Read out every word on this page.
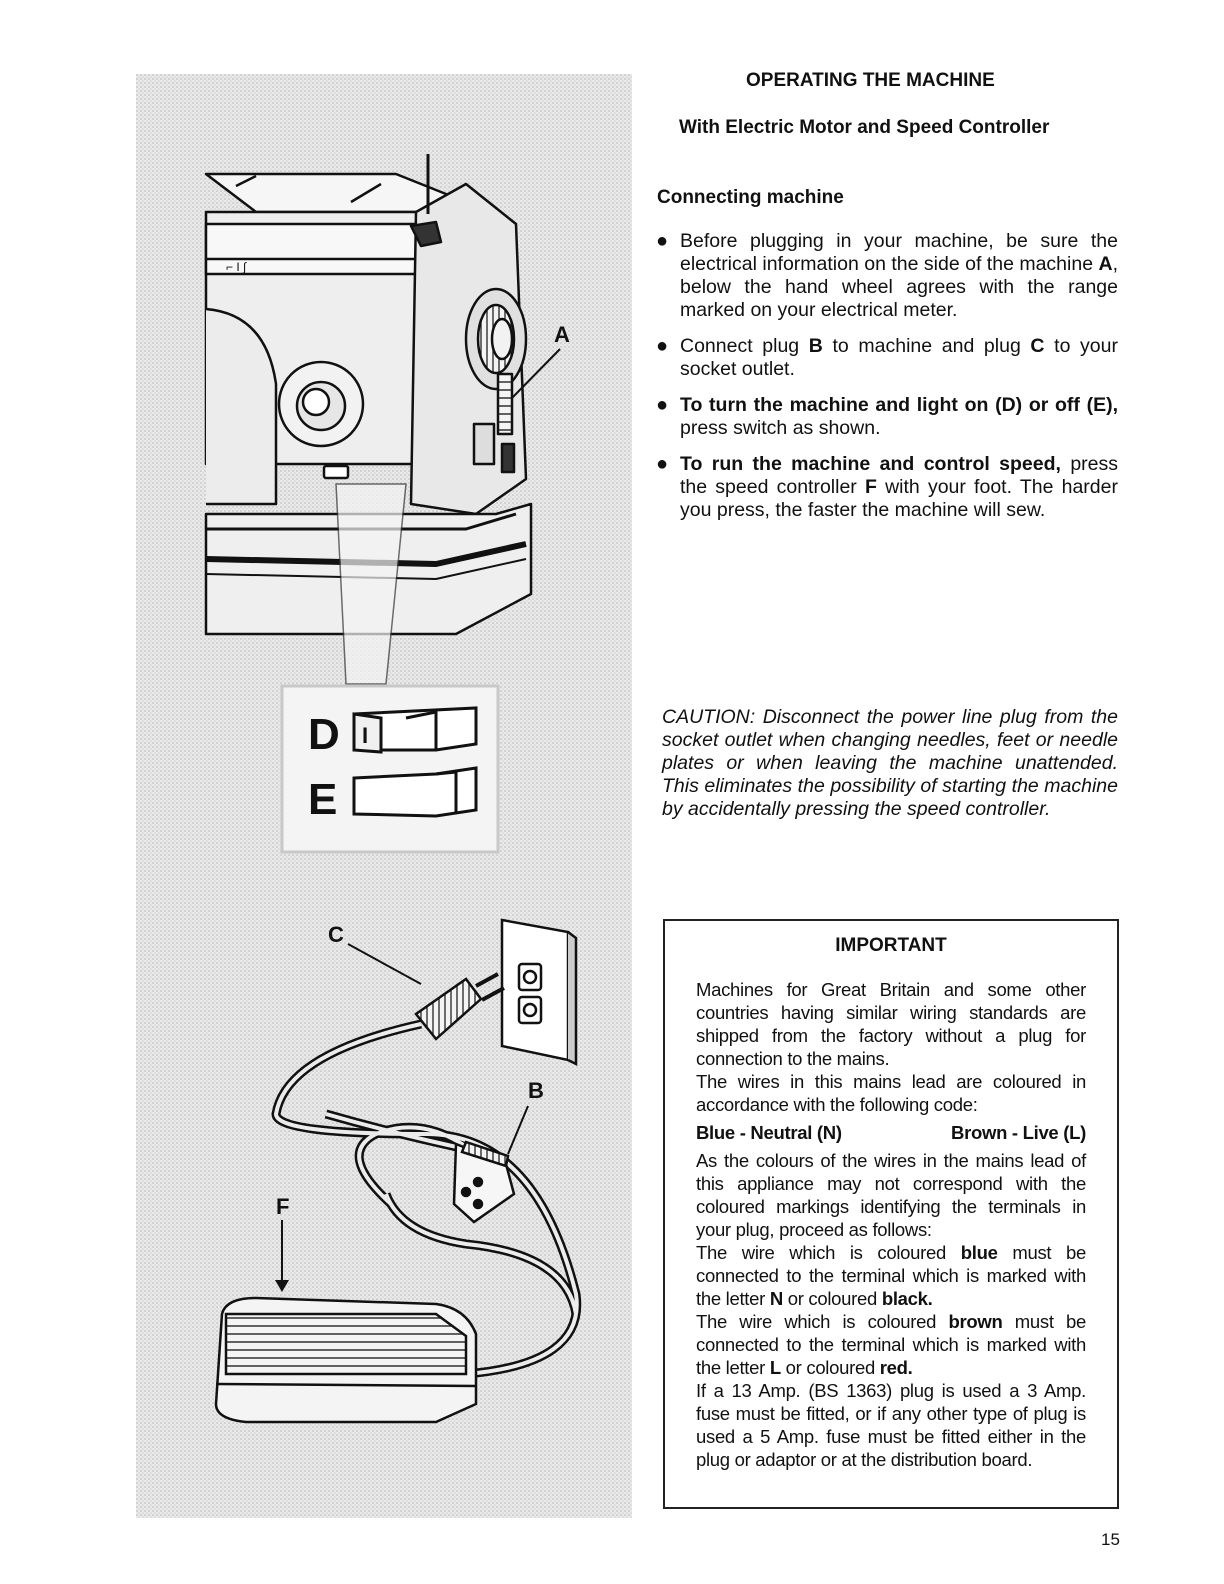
⌐ I ∫
A
D
E
I
C
B
F
OPERATING THE MACHINE
With Electric Motor and Speed Controller
Connecting machine
● Before plugging in your machine, be sure the electrical information on the side of the machine A, below the hand wheel agrees with the range marked on your electrical meter.
● Connect plug B to machine and plug C to your socket outlet.
● To turn the machine and light on (D) or off (E), press switch as shown.
● To run the machine and control speed, press the speed controller F with your foot. The harder you press, the faster the machine will sew.
CAUTION: Disconnect the power line plug from the socket outlet when changing needles, feet or needle plates or when leaving the machine unattended. This eliminates the possibility of starting the machine by accidentally pressing the speed controller.
IMPORTANT

Machines for Great Britain and some other countries having similar wiring standards are shipped from the factory without a plug for connection to the mains.

The wires in this mains lead are coloured in accordance with the following code:

Blue - Neutral (N)	Brown - Live (L)

As the colours of the wires in the mains lead of this appliance may not correspond with the coloured markings identifying the terminals in your plug, proceed as follows:

The wire which is coloured blue must be connected to the terminal which is marked with the letter N or coloured black.

The wire which is coloured brown must be connected to the terminal which is marked with the letter L or coloured red.

If a 13 Amp. (BS 1363) plug is used a 3 Amp. fuse must be fitted, or if any other type of plug is used a 5 Amp. fuse must be fitted either in the plug or adaptor or at the distribution board.

15
